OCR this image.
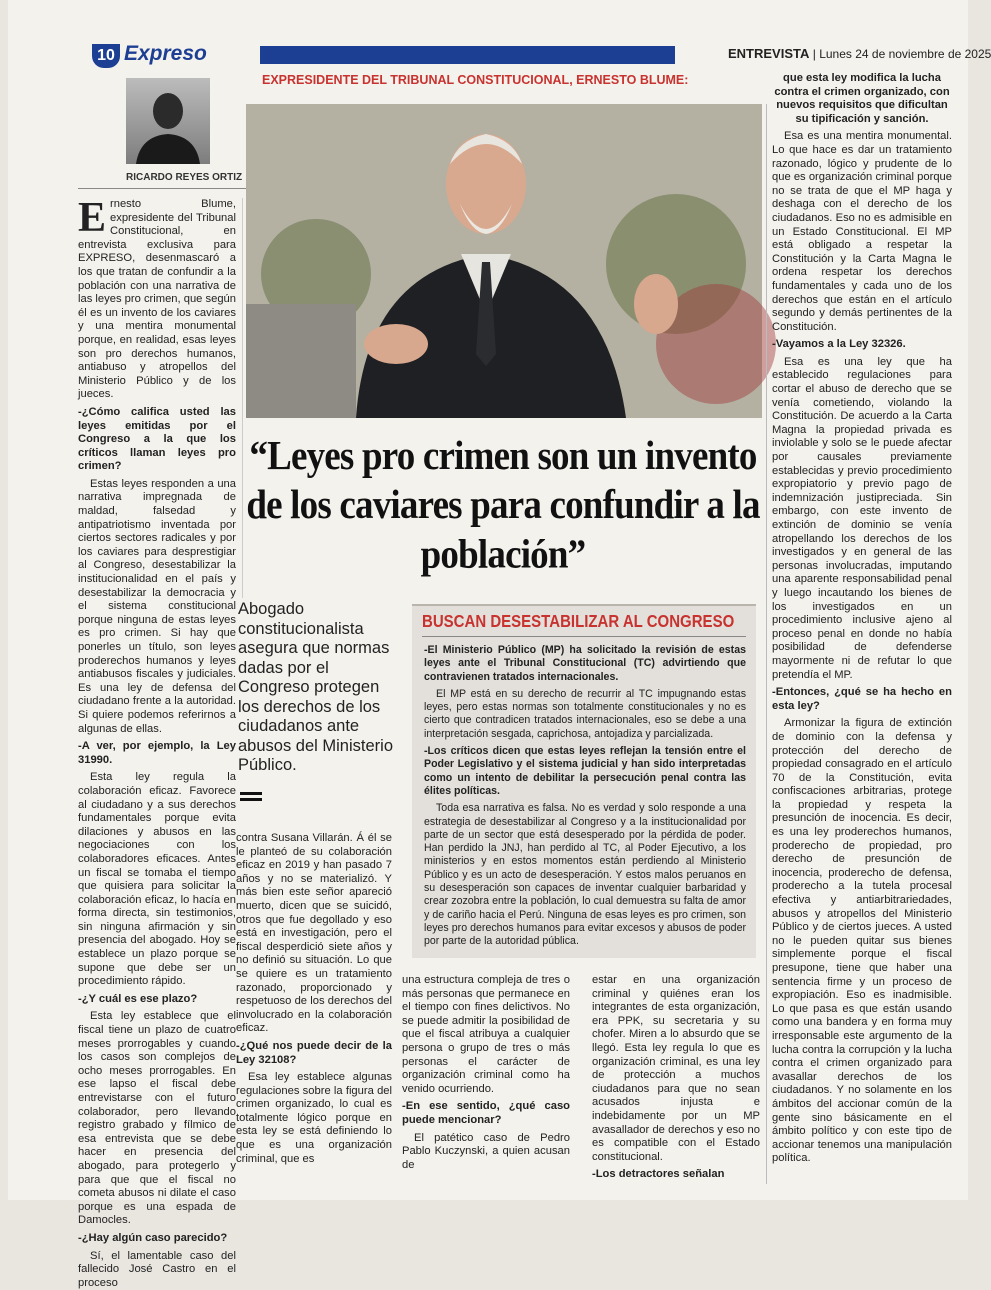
10 Expreso	ENTREVISTA | Lunes 24 de noviembre de 2025
RICARDO REYES ORTIZ
EXPRESIDENTE DEL TRIBUNAL CONSTITUCIONAL, ERNESTO BLUME:

Ernesto Blume, expresidente del Tribunal Constitucional, en entrevista exclusiva para EXPRESO, desenmascaró a los que tratan de confundir a la población con una narrativa de las leyes pro crimen, que según él es un invento de los caviares y una mentira monumental porque, en realidad, esas leyes son pro derechos humanos, antiabuso y atropellos del Ministerio Público y de los jueces.

-¿Cómo califica usted las leyes emitidas por el Congreso a la que los críticos llaman leyes pro crimen?

Estas leyes responden a una narrativa impregnada de maldad, falsedad y antipatriotismo inventada por ciertos sectores radicales y por los caviares para desprestigiar al Congreso, desestabilizar la institucionalidad en el país y desestabilizar la democracia y el sistema constitucional porque ninguna de estas leyes es pro crimen. Si hay que ponerles un título, son leyes proderechos humanos y leyes antiabusos fiscales y judiciales. Es una ley de defensa del ciudadano frente a la autoridad. Si quiere podemos referirnos a algunas de ellas.

-A ver, por ejemplo, la Ley 31990.

Esta ley regula la colaboración eficaz. Favorece al ciudadano y a sus derechos fundamentales porque evita dilaciones y abusos en las negociaciones con los colaboradores eficaces. Antes un fiscal se tomaba el tiempo que quisiera para solicitar la colaboración eficaz, lo hacía en forma directa, sin testimonios, sin ninguna afirmación y sin presencia del abogado. Hoy se establece un plazo porque se supone que debe ser un procedimiento rápido.

-¿Y cuál es ese plazo?

Esta ley establece que el fiscal tiene un plazo de cuatro meses prorrogables y cuando los casos son complejos de ocho meses prorrogables. En ese lapso el fiscal debe entrevistarse con el futuro colaborador, pero llevando registro grabado y fílmico de esa entrevista que se debe hacer en presencia del abogado, para protegerlo y para que que el fiscal no cometa abusos ni dilate el caso porque es una espada de Damocles.

-¿Hay algún caso parecido?

Sí, el lamentable caso del fallecido José Castro en el proceso

“Leyes pro crimen son un invento de los caviares para confundir a la población”
Abogado constitucionalista asegura que normas dadas por el Congreso protegen los derechos de los ciudadanos ante abusos del Ministerio Público.
BUSCAN DESESTABILIZAR AL CONGRESO

-El Ministerio Público (MP) ha solicitado la revisión de estas leyes ante el Tribunal Constitucional (TC) advirtiendo que contravienen tratados internacionales.

El MP está en su derecho de recurrir al TC impugnando estas leyes, pero estas normas son totalmente constitucionales y no es cierto que contradicen tratados internacionales, eso se debe a una interpretación sesgada, caprichosa, antojadiza y parcializada.

-Los críticos dicen que estas leyes reflejan la tensión entre el Poder Legislativo y el sistema judicial y han sido interpretadas como un intento de debilitar la persecución penal contra las élites políticas.

Toda esa narrativa es falsa. No es verdad y solo responde a una estrategia de desestabilizar al Congreso y a la institucionalidad por parte de un sector que está desesperado por la pérdida de poder. Han perdido la JNJ, han perdido al TC, al Poder Ejecutivo, a los ministerios y en estos momentos están perdiendo al Ministerio Público y es un acto de desesperación. Y estos malos peruanos en su desesperación son capaces de inventar cualquier barbaridad y crear zozobra entre la población, lo cual demuestra su falta de amor y de cariño hacia el Perú. Ninguna de esas leyes es pro crimen, son leyes pro derechos humanos para evitar excesos y abusos de poder por parte de la autoridad pública.

contra Susana Villarán. Á él se le planteó de su colaboración eficaz en 2019 y han pasado 7 años y no se materializó. Y más bien este señor apareció muerto, dicen que se suicidó, otros que fue degollado y eso está en investigación, pero el fiscal desperdició siete años y no definió su situación. Lo que se quiere es un tratamiento razonado, proporcionado y respetuoso de los derechos del involucrado en la colaboración eficaz.

-¿Qué nos puede decir de la Ley 32108?

Esa ley establece algunas regulaciones sobre la figura del crimen organizado, lo cual es totalmente lógico porque en esta ley se está definiendo lo que es una organización criminal, que es

una estructura compleja de tres o más personas que permanece en el tiempo con fines delictivos. No se puede admitir la posibilidad de que el fiscal atribuya a cualquier persona o grupo de tres o más personas el carácter de organización criminal como ha venido ocurriendo.

-En ese sentido, ¿qué caso puede mencionar?

El patético caso de Pedro Pablo Kuczynski, a quien acusan de

estar en una organización criminal y quiénes eran los integrantes de esta organización, era PPK, su secretaria y su chofer. Miren a lo absurdo que se llegó. Esta ley regula lo que es organización criminal, es una ley de protección a muchos ciudadanos para que no sean acusados injusta e indebidamente por un MP avasallador de derechos y eso no es compatible con el Estado constitucional.

-Los detractores señalan

que esta ley modifica la lucha contra el crimen organizado, con nuevos requisitos que dificultan su tipificación y sanción.

Esa es una mentira monumental. Lo que hace es dar un tratamiento razonado, lógico y prudente de lo que es organización criminal porque no se trata de que el MP haga y deshaga con el derecho de los ciudadanos. Eso no es admisible en un Estado Constitucional. El MP está obligado a respetar la Constitución y la Carta Magna le ordena respetar los derechos fundamentales y cada uno de los derechos que están en el artículo segundo y demás pertinentes de la Constitución.

-Vayamos a la Ley 32326.

Esa es una ley que ha establecido regulaciones para cortar el abuso de derecho que se venía cometiendo, violando la Constitución. De acuerdo a la Carta Magna la propiedad privada es inviolable y solo se le puede afectar por causales previamente establecidas y previo procedimiento expropiatorio y previo pago de indemnización justipreciada. Sin embargo, con este invento de extinción de dominio se venía atropellando los derechos de los investigados y en general de las personas involucradas, imputando una aparente responsabilidad penal y luego incautando los bienes de los investigados en un procedimiento inclusive ajeno al proceso penal en donde no había posibilidad de defenderse mayormente ni de refutar lo que pretendía el MP.

-Entonces, ¿qué se ha hecho en esta ley?

Armonizar la figura de extinción de dominio con la defensa y protección del derecho de propiedad consagrado en el artículo 70 de la Constitución, evita confiscaciones arbitrarias, protege la propiedad y respeta la presunción de inocencia. Es decir, es una ley proderechos humanos, proderecho de propiedad, pro derecho de presunción de inocencia, proderecho de defensa, proderecho a la tutela procesal efectiva y antiarbitrariedades, abusos y atropellos del Ministerio Público y de ciertos jueces. A usted no le pueden quitar sus bienes simplemente porque el fiscal presupone, tiene que haber una sentencia firme y un proceso de expropiación. Eso es inadmisible. Lo que pasa es que están usando como una bandera y en forma muy irresponsable este argumento de la lucha contra la corrupción y la lucha contra el crimen organizado para avasallar derechos de los ciudadanos. Y no solamente en los ámbitos del accionar común de la gente sino básicamente en el ámbito político y con este tipo de accionar tenemos una manipulación política.
